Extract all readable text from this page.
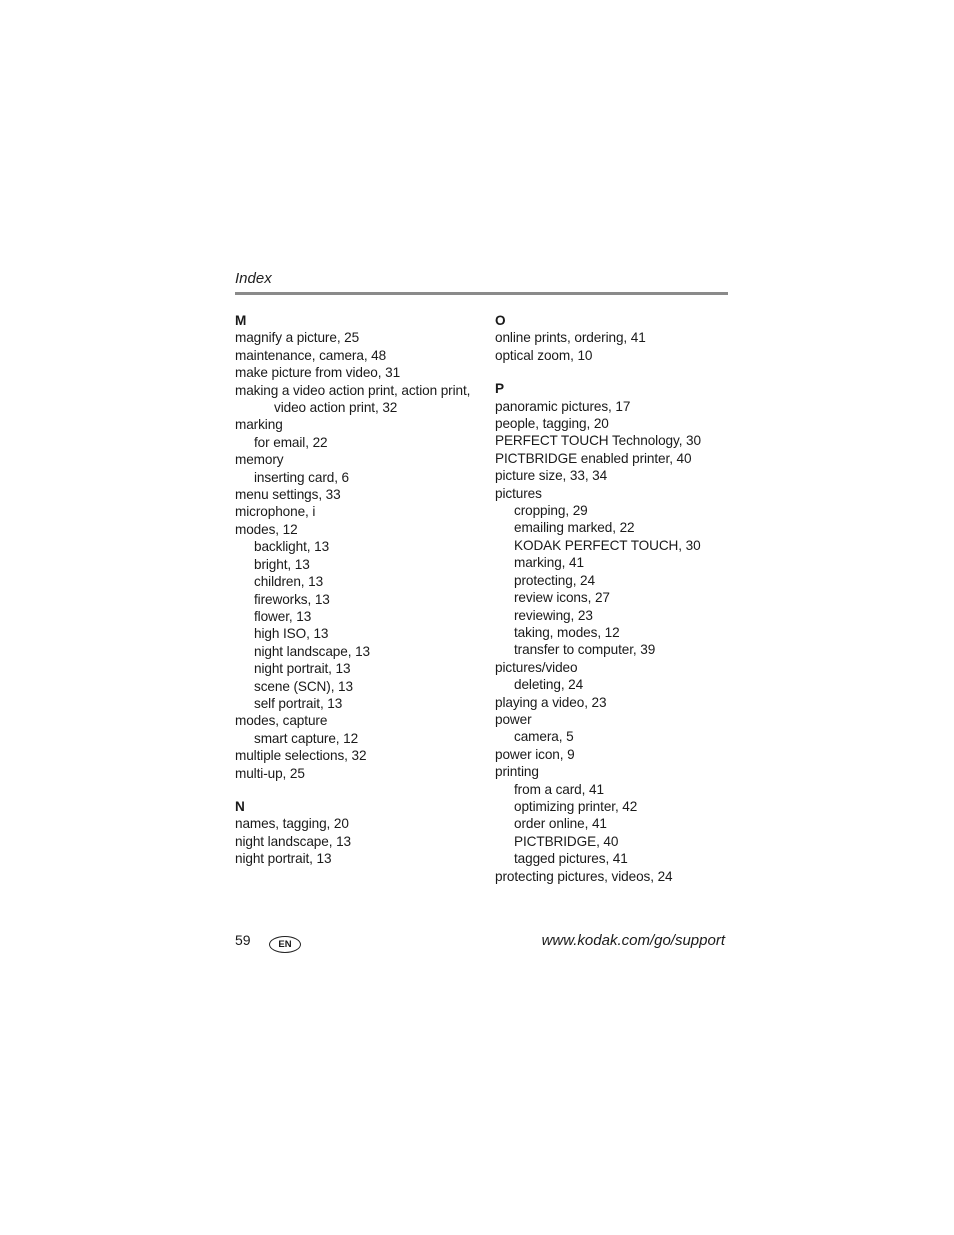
Index
M
magnify a picture, 25
maintenance, camera, 48
make picture from video, 31
making a video action print, action print,
video action print, 32
marking
for email, 22
memory
inserting card, 6
menu settings, 33
microphone, i
modes, 12
backlight, 13
bright, 13
children, 13
fireworks, 13
flower, 13
high ISO, 13
night landscape, 13
night portrait, 13
scene (SCN), 13
self portrait, 13
modes, capture
smart capture, 12
multiple selections, 32
multi-up, 25
N
names, tagging, 20
night landscape, 13
night portrait, 13
O
online prints, ordering, 41
optical zoom, 10
P
panoramic pictures, 17
people, tagging, 20
PERFECT TOUCH Technology, 30
PICTBRIDGE enabled printer, 40
picture size, 33, 34
pictures
cropping, 29
emailing marked, 22
KODAK PERFECT TOUCH, 30
marking, 41
protecting, 24
review icons, 27
reviewing, 23
taking, modes, 12
transfer to computer, 39
pictures/video
deleting, 24
playing a video, 23
power
camera, 5
power icon, 9
printing
from a card, 41
optimizing printer, 42
order online, 41
PICTBRIDGE, 40
tagged pictures, 41
protecting pictures, videos, 24
59	EN	www.kodak.com/go/support
